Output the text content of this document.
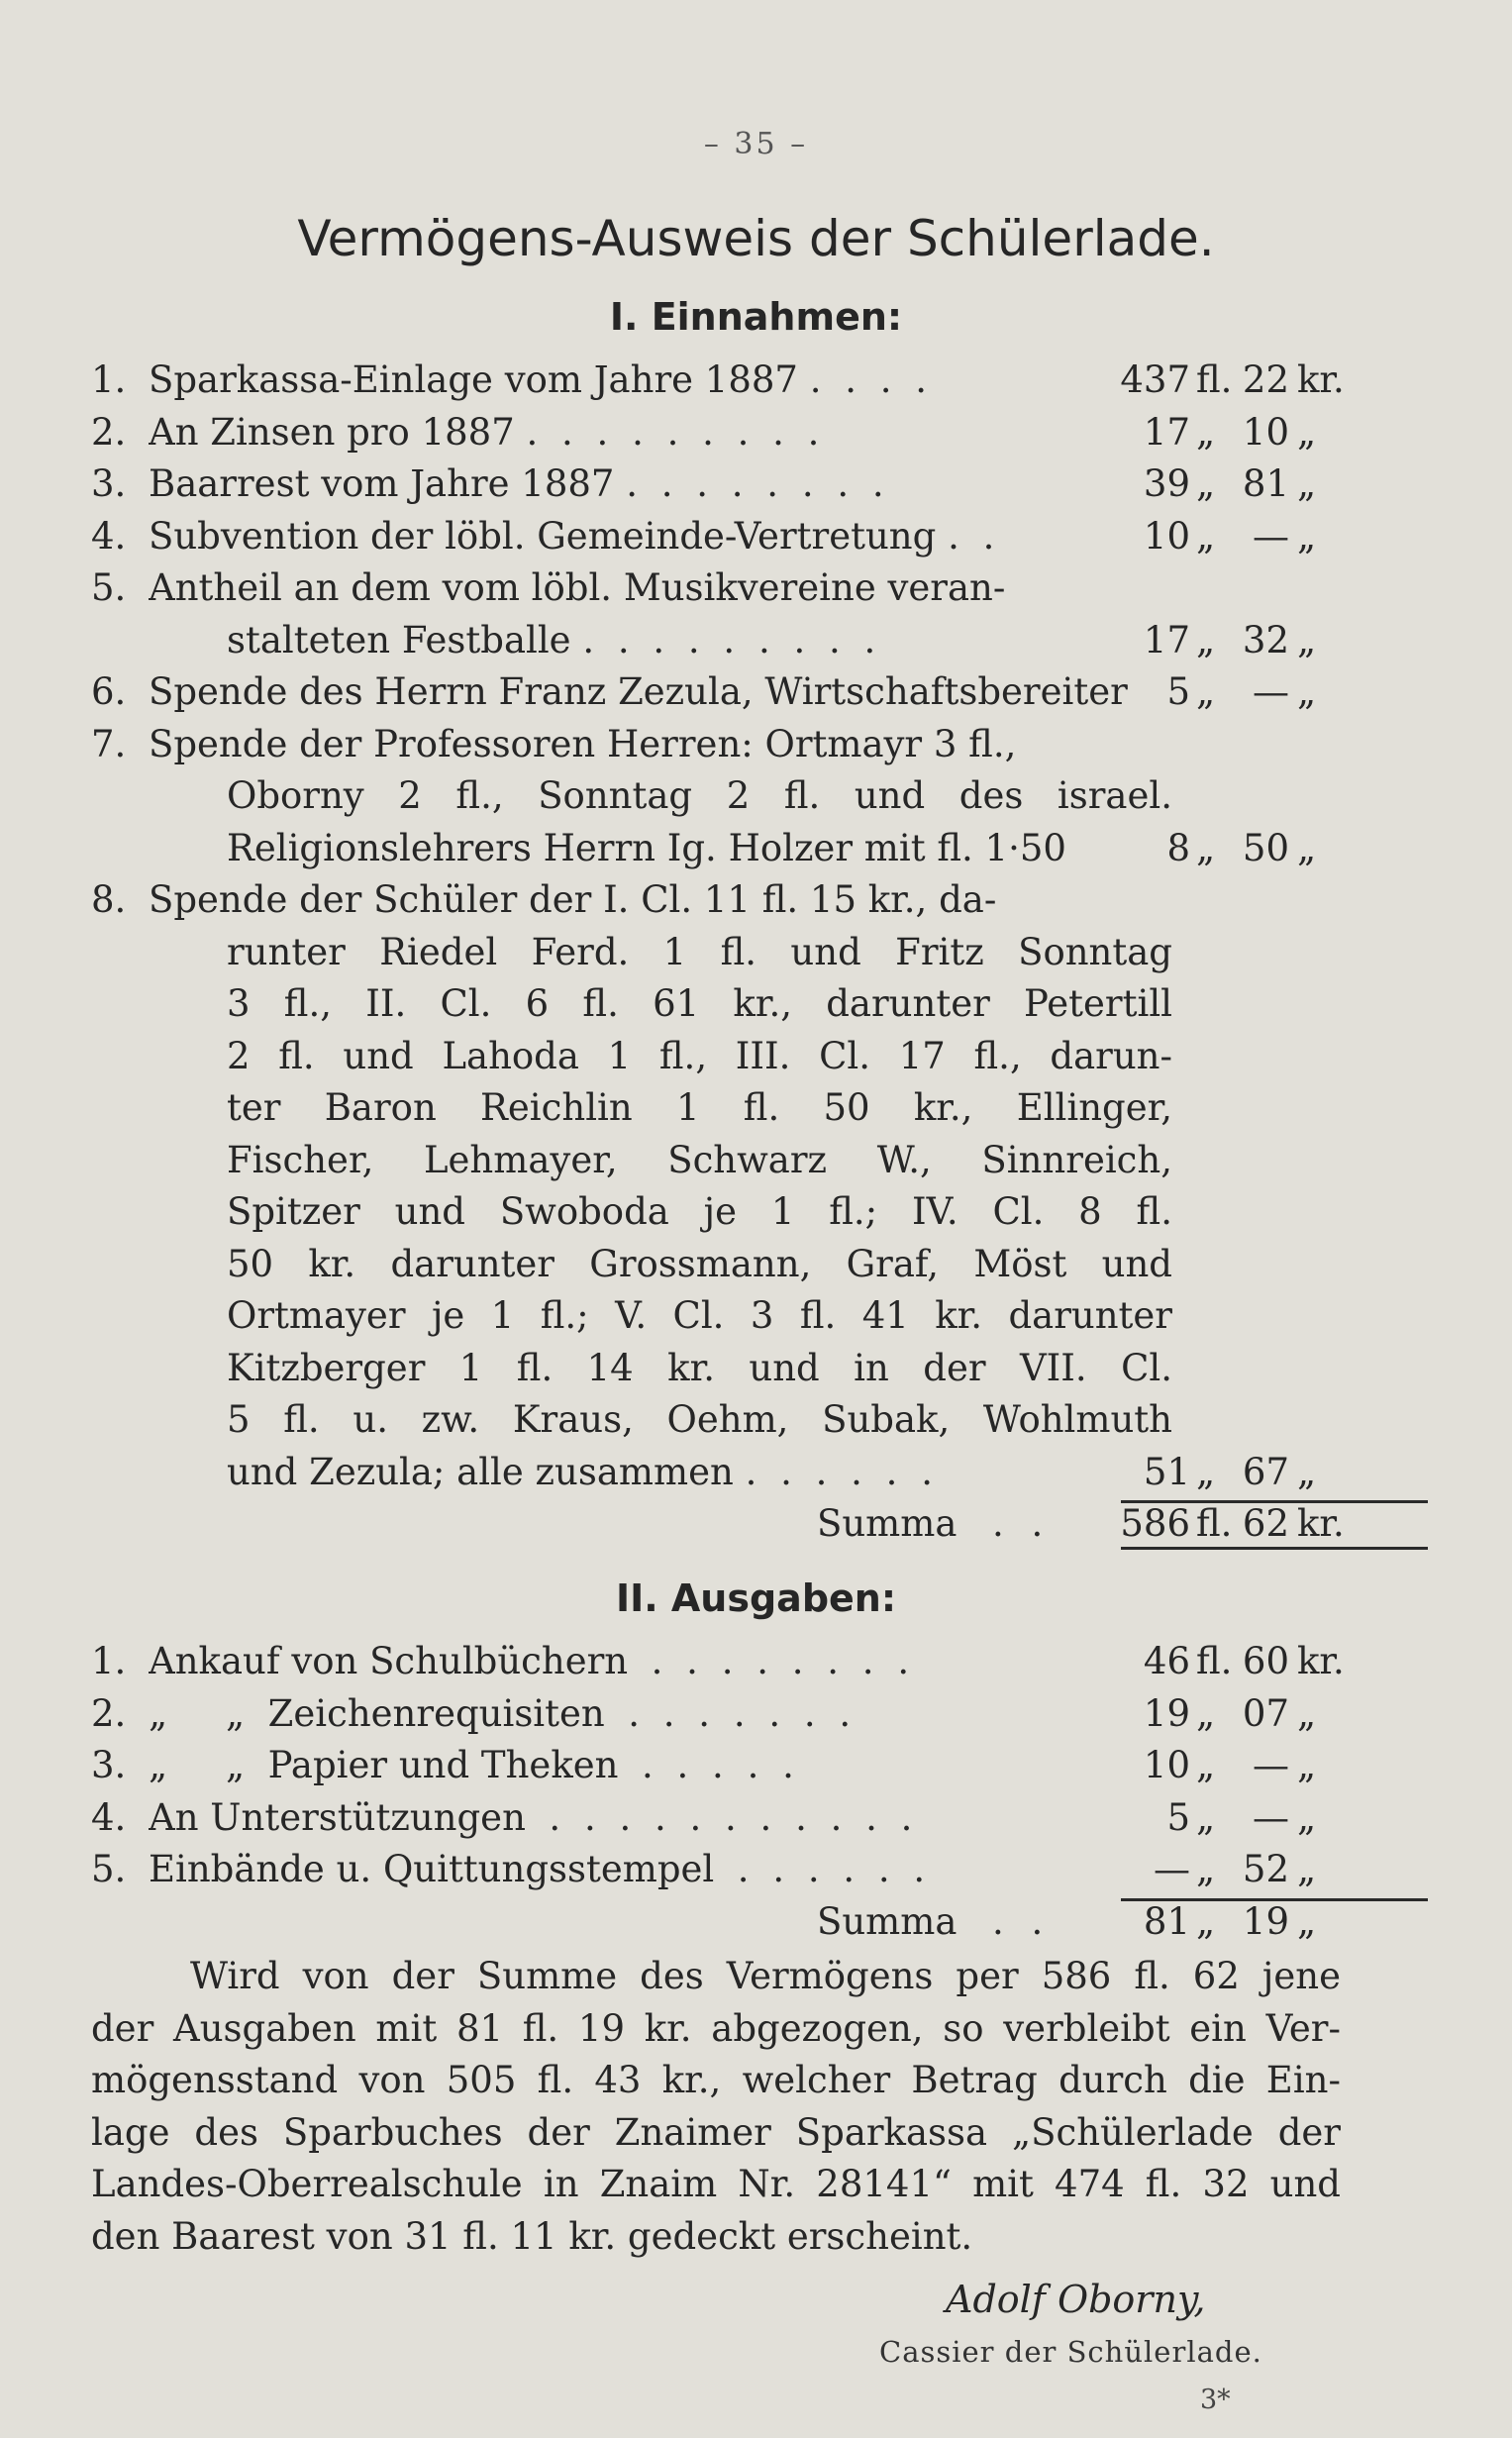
– 35 –
Vermögens-Ausweis der Schülerlade.
I. Einnahmen:
1. Sparkassa-Einlage vom Jahre 1887 . . . .	437 fl. 22 kr.
2. An Zinsen pro 1887 . . . . . . . . .	17 „ 10 „
3. Baarrest vom Jahre 1887 . . . . . . . .	39 „ 81 „
4. Subvention der löbl. Gemeinde-Vertretung . .	10 „ — „
5. Antheil an dem vom löbl. Musikvereine veran-
stalteten Festballe . . . . . . . . .	17 „ 32 „
6. Spende des Herrn Franz Zezula, Wirtschaftsbereiter 5 „ — „
7. Spende der Professoren Herren: Ortmayr 3 fl.,
Oborny 2 fl., Sonntag 2 fl. und des israel.
Religionslehrers Herrn Ig. Holzer mit fl. 1·50	8 „ 50 „
8. Spende der Schüler der I. Cl. 11 fl. 15 kr., da-
runter Riedel Ferd. 1 fl. und Fritz Sonntag
3 fl., II. Cl. 6 fl. 61 kr., darunter Petertill
2 fl. und Lahoda 1 fl., III. Cl. 17 fl., darun-
ter Baron Reichlin 1 fl. 50 kr., Ellinger,
Fischer, Lehmayer, Schwarz W., Sinnreich,
Spitzer und Swoboda je 1 fl.; IV. Cl. 8 fl.
50 kr. darunter Grossmann, Graf, Möst und
Ortmayer je 1 fl.; V. Cl. 3 fl. 41 kr. darunter
Kitzberger 1 fl. 14 kr. und in der VII. Cl.
5 fl. u. zw. Kraus, Oehm, Subak, Wohlmuth
und Zezula; alle zusammen . . . . . .	51 „ 67 „
Summa . . 586 fl. 62 kr.
II. Ausgaben:
1. Ankauf von Schulbüchern  . . . . . . . .	46 fl. 60 kr.
2. „     „  Zeichenrequisiten  . . . . . . .	19 „ 07 „
3. „     „  Papier und Theken  . . . . .	10 „ — „
4. An Unterstützungen  . . . . . . . . . . .	5 „ — „
5. Einbände u. Quittungsstempel  . . . . . .	— „ 52 „
Summa . .	81 „ 19 „
Wird von der Summe des Vermögens per 586 fl. 62 jene
der Ausgaben mit 81 fl. 19 kr. abgezogen, so verbleibt ein Ver-
mögensstand von 505 fl. 43 kr., welcher Betrag durch die Ein-
lage des Sparbuches der Znaimer Sparkassa „Schülerlade der
Landes-Oberrealschule in Znaim Nr. 28141“ mit 474 fl. 32 und
den Baarest von 31 fl. 11 kr. gedeckt erscheint.
Adolf Oborny,
Cassier der Schülerlade.
3*
